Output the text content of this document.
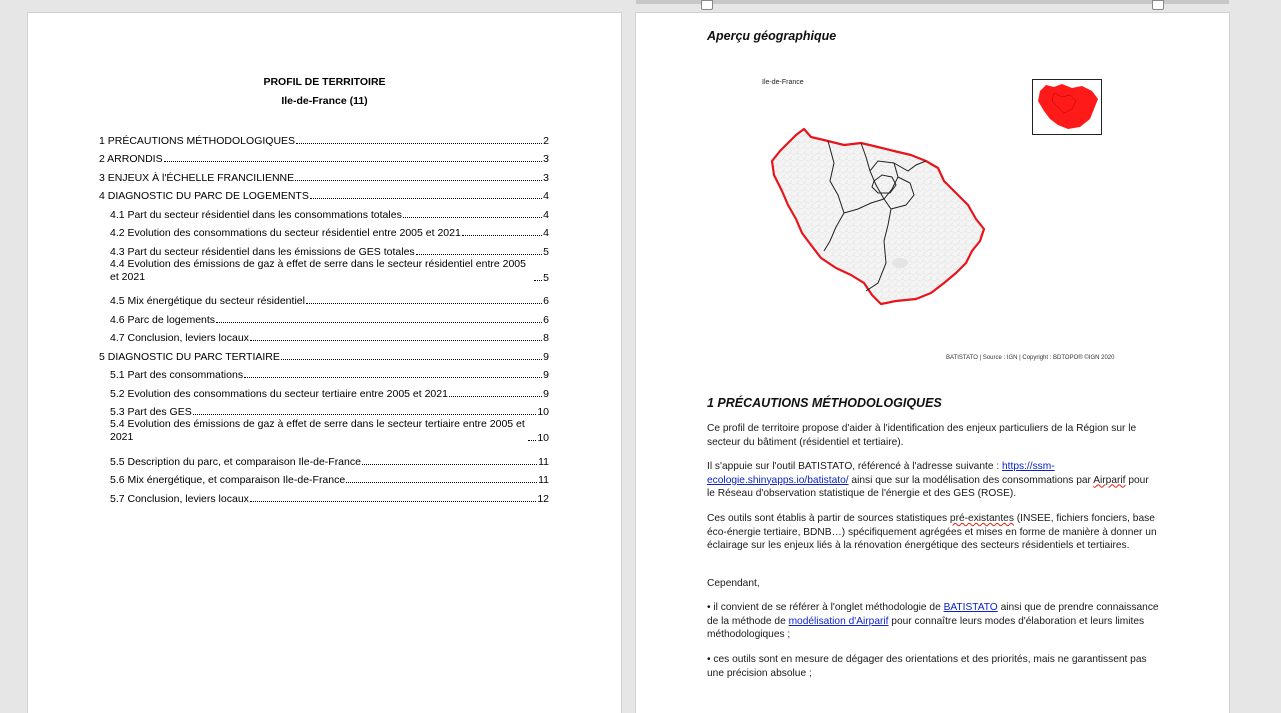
PROFIL DE TERRITOIRE
Ile-de-France (11)
1 PRÉCAUTIONS MÉTHODOLOGIQUES	2
2 ARRONDIS	3
3 ENJEUX À l'ÉCHELLE FRANCILIENNE	3
4 DIAGNOSTIC DU PARC DE LOGEMENTS	4
4.1 Part du secteur résidentiel dans les consommations totales	4
4.2 Evolution des consommations du secteur résidentiel entre 2005 et 2021	4
4.3 Part du secteur résidentiel dans les émissions de GES totales	5
4.4 Evolution des émissions de gaz à effet de serre dans le secteur résidentiel entre 2005
et 2021	5
4.5 Mix énergétique du secteur résidentiel	6
4.6 Parc de logements	6
4.7 Conclusion, leviers locaux	8
5 DIAGNOSTIC DU PARC TERTIAIRE	9
5.1 Part des consommations	9
5.2 Evolution des consommations du secteur tertiaire entre 2005 et 2021	9
5.3 Part des GES	10
5.4 Evolution des émissions de gaz à effet de serre dans le secteur tertiaire entre 2005 et
2021	10
5.5 Description du parc, et comparaison Ile-de-France	11
5.6 Mix énergétique, et comparaison Ile-de-France	11
5.7 Conclusion, leviers locaux	12
Aperçu géographique
Ile-de-France
BATISTATO | Source : IGN | Copyright : BDTOPO® ©IGN 2020
1 PRÉCAUTIONS MÉTHODOLOGIQUES
Ce profil de territoire propose d'aider à l'identification des enjeux particuliers de la Région sur le secteur du bâtiment (résidentiel et tertiaire).
Il s'appuie sur l'outil BATISTATO, référencé à l'adresse suivante : https://ssm-ecologie.shinyapps.io/batistato/ ainsi que sur la modélisation des consommations par Airparif pour le Réseau d'observation statistique de l'énergie et des GES (ROSE).
Ces outils sont établis à partir de sources statistiques pré-existantes (INSEE, fichiers fonciers, base éco-énergie tertiaire, BDNB…) spécifiquement agrégées et mises en forme de manière à donner un éclairage sur les enjeux liés à la rénovation énergétique des secteurs résidentiels et tertiaires.
Cependant,
• il convient de se référer à l'onglet méthodologie de BATISTATO ainsi que de prendre connaissance de la méthode de modélisation d'Airparif pour connaître leurs modes d'élaboration et leurs limites méthodologiques ;
• ces outils sont en mesure de dégager des orientations et des priorités, mais ne garantissent pas une précision absolue ;
